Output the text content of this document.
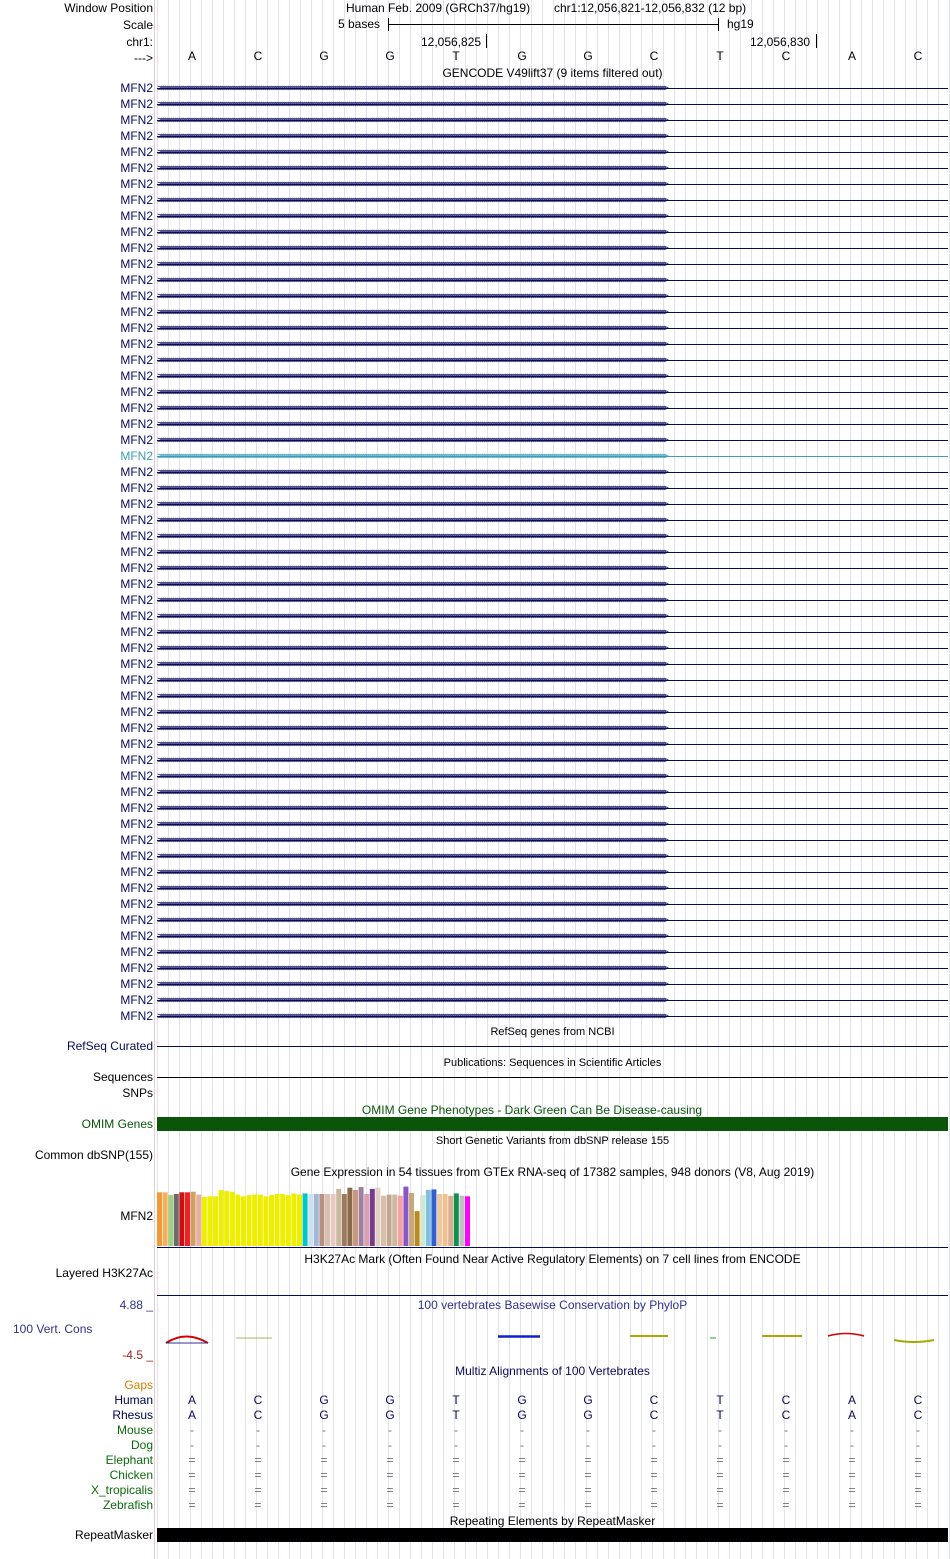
Window Position	Human Feb. 2009 (GRCh37/hg19) chr1:12,056,821-12,056,832 (12 bp)
Scale	5 bases	hg19
chr1:	12,056,825	12,056,830
--->	A	C	G	G	T	G	G	C	T	C	A	C
GENCODE V49lift37 (9 items filtered out)
MFN2 >>>>>>>>>>>>>>>>>>>>>>>>>>>>>>>>>>>>>>>>>>>>>>>>>>>>>>>>>>>>>>>>>>>>>>>>>>>>>>>>>>>>>>>>>>>>>>>>>>>>>>>>>>>>>>>>>>>>>>>>>>>>>>>>>>>>>>>>>>>>>>>>>>>>>>>>>>>>>>>>>>>>>>>>>>>>>>>>>>>>>>>>>>>>>>>>>>>>>>>>>>>>>>>>>>>>>>>>>>>>>>>>>>>>>>>>>>>>>>>>>>>>>>>>>>>>>>>>>>>>
MFN2 >>>>>>>>>>>>>>>>>>>>>>>>>>>>>>>>>>>>>>>>>>>>>>>>>>>>>>>>>>>>>>>>>>>>>>>>>>>>>>>>>>>>>>>>>>>>>>>>>>>>>>>>>>>>>>>>>>>>>>>>>>>>>>>>>>>>>>>>>>>>>>>>>>>>>>>>>>>>>>>>>>>>>>>>>>>>>>>>>>>>>>>>>>>>>>>>>>>>>>>>>>>>>>>>>>>>>>>>>>>>>>>>>>>>>>>>>>>>>>>>>>>>>>>>>>>>>>>>>>>>
MFN2 >>>>>>>>>>>>>>>>>>>>>>>>>>>>>>>>>>>>>>>>>>>>>>>>>>>>>>>>>>>>>>>>>>>>>>>>>>>>>>>>>>>>>>>>>>>>>>>>>>>>>>>>>>>>>>>>>>>>>>>>>>>>>>>>>>>>>>>>>>>>>>>>>>>>>>>>>>>>>>>>>>>>>>>>>>>>>>>>>>>>>>>>>>>>>>>>>>>>>>>>>>>>>>>>>>>>>>>>>>>>>>>>>>>>>>>>>>>>>>>>>>>>>>>>>>>>>>>>>>>>
MFN2 >>>>>>>>>>>>>>>>>>>>>>>>>>>>>>>>>>>>>>>>>>>>>>>>>>>>>>>>>>>>>>>>>>>>>>>>>>>>>>>>>>>>>>>>>>>>>>>>>>>>>>>>>>>>>>>>>>>>>>>>>>>>>>>>>>>>>>>>>>>>>>>>>>>>>>>>>>>>>>>>>>>>>>>>>>>>>>>>>>>>>>>>>>>>>>>>>>>>>>>>>>>>>>>>>>>>>>>>>>>>>>>>>>>>>>>>>>>>>>>>>>>>>>>>>>>>>>>>>>>>
MFN2 >>>>>>>>>>>>>>>>>>>>>>>>>>>>>>>>>>>>>>>>>>>>>>>>>>>>>>>>>>>>>>>>>>>>>>>>>>>>>>>>>>>>>>>>>>>>>>>>>>>>>>>>>>>>>>>>>>>>>>>>>>>>>>>>>>>>>>>>>>>>>>>>>>>>>>>>>>>>>>>>>>>>>>>>>>>>>>>>>>>>>>>>>>>>>>>>>>>>>>>>>>>>>>>>>>>>>>>>>>>>>>>>>>>>>>>>>>>>>>>>>>>>>>>>>>>>>>>>>>>>
MFN2 >>>>>>>>>>>>>>>>>>>>>>>>>>>>>>>>>>>>>>>>>>>>>>>>>>>>>>>>>>>>>>>>>>>>>>>>>>>>>>>>>>>>>>>>>>>>>>>>>>>>>>>>>>>>>>>>>>>>>>>>>>>>>>>>>>>>>>>>>>>>>>>>>>>>>>>>>>>>>>>>>>>>>>>>>>>>>>>>>>>>>>>>>>>>>>>>>>>>>>>>>>>>>>>>>>>>>>>>>>>>>>>>>>>>>>>>>>>>>>>>>>>>>>>>>>>>>>>>>>>>
MFN2 >>>>>>>>>>>>>>>>>>>>>>>>>>>>>>>>>>>>>>>>>>>>>>>>>>>>>>>>>>>>>>>>>>>>>>>>>>>>>>>>>>>>>>>>>>>>>>>>>>>>>>>>>>>>>>>>>>>>>>>>>>>>>>>>>>>>>>>>>>>>>>>>>>>>>>>>>>>>>>>>>>>>>>>>>>>>>>>>>>>>>>>>>>>>>>>>>>>>>>>>>>>>>>>>>>>>>>>>>>>>>>>>>>>>>>>>>>>>>>>>>>>>>>>>>>>>>>>>>>>>
MFN2 >>>>>>>>>>>>>>>>>>>>>>>>>>>>>>>>>>>>>>>>>>>>>>>>>>>>>>>>>>>>>>>>>>>>>>>>>>>>>>>>>>>>>>>>>>>>>>>>>>>>>>>>>>>>>>>>>>>>>>>>>>>>>>>>>>>>>>>>>>>>>>>>>>>>>>>>>>>>>>>>>>>>>>>>>>>>>>>>>>>>>>>>>>>>>>>>>>>>>>>>>>>>>>>>>>>>>>>>>>>>>>>>>>>>>>>>>>>>>>>>>>>>>>>>>>>>>>>>>>>>
MFN2 >>>>>>>>>>>>>>>>>>>>>>>>>>>>>>>>>>>>>>>>>>>>>>>>>>>>>>>>>>>>>>>>>>>>>>>>>>>>>>>>>>>>>>>>>>>>>>>>>>>>>>>>>>>>>>>>>>>>>>>>>>>>>>>>>>>>>>>>>>>>>>>>>>>>>>>>>>>>>>>>>>>>>>>>>>>>>>>>>>>>>>>>>>>>>>>>>>>>>>>>>>>>>>>>>>>>>>>>>>>>>>>>>>>>>>>>>>>>>>>>>>>>>>>>>>>>>>>>>>>>
MFN2 >>>>>>>>>>>>>>>>>>>>>>>>>>>>>>>>>>>>>>>>>>>>>>>>>>>>>>>>>>>>>>>>>>>>>>>>>>>>>>>>>>>>>>>>>>>>>>>>>>>>>>>>>>>>>>>>>>>>>>>>>>>>>>>>>>>>>>>>>>>>>>>>>>>>>>>>>>>>>>>>>>>>>>>>>>>>>>>>>>>>>>>>>>>>>>>>>>>>>>>>>>>>>>>>>>>>>>>>>>>>>>>>>>>>>>>>>>>>>>>>>>>>>>>>>>>>>>>>>>>>
MFN2 >>>>>>>>>>>>>>>>>>>>>>>>>>>>>>>>>>>>>>>>>>>>>>>>>>>>>>>>>>>>>>>>>>>>>>>>>>>>>>>>>>>>>>>>>>>>>>>>>>>>>>>>>>>>>>>>>>>>>>>>>>>>>>>>>>>>>>>>>>>>>>>>>>>>>>>>>>>>>>>>>>>>>>>>>>>>>>>>>>>>>>>>>>>>>>>>>>>>>>>>>>>>>>>>>>>>>>>>>>>>>>>>>>>>>>>>>>>>>>>>>>>>>>>>>>>>>>>>>>>>
MFN2 >>>>>>>>>>>>>>>>>>>>>>>>>>>>>>>>>>>>>>>>>>>>>>>>>>>>>>>>>>>>>>>>>>>>>>>>>>>>>>>>>>>>>>>>>>>>>>>>>>>>>>>>>>>>>>>>>>>>>>>>>>>>>>>>>>>>>>>>>>>>>>>>>>>>>>>>>>>>>>>>>>>>>>>>>>>>>>>>>>>>>>>>>>>>>>>>>>>>>>>>>>>>>>>>>>>>>>>>>>>>>>>>>>>>>>>>>>>>>>>>>>>>>>>>>>>>>>>>>>>>
MFN2 >>>>>>>>>>>>>>>>>>>>>>>>>>>>>>>>>>>>>>>>>>>>>>>>>>>>>>>>>>>>>>>>>>>>>>>>>>>>>>>>>>>>>>>>>>>>>>>>>>>>>>>>>>>>>>>>>>>>>>>>>>>>>>>>>>>>>>>>>>>>>>>>>>>>>>>>>>>>>>>>>>>>>>>>>>>>>>>>>>>>>>>>>>>>>>>>>>>>>>>>>>>>>>>>>>>>>>>>>>>>>>>>>>>>>>>>>>>>>>>>>>>>>>>>>>>>>>>>>>>>
MFN2 >>>>>>>>>>>>>>>>>>>>>>>>>>>>>>>>>>>>>>>>>>>>>>>>>>>>>>>>>>>>>>>>>>>>>>>>>>>>>>>>>>>>>>>>>>>>>>>>>>>>>>>>>>>>>>>>>>>>>>>>>>>>>>>>>>>>>>>>>>>>>>>>>>>>>>>>>>>>>>>>>>>>>>>>>>>>>>>>>>>>>>>>>>>>>>>>>>>>>>>>>>>>>>>>>>>>>>>>>>>>>>>>>>>>>>>>>>>>>>>>>>>>>>>>>>>>>>>>>>>>
MFN2 >>>>>>>>>>>>>>>>>>>>>>>>>>>>>>>>>>>>>>>>>>>>>>>>>>>>>>>>>>>>>>>>>>>>>>>>>>>>>>>>>>>>>>>>>>>>>>>>>>>>>>>>>>>>>>>>>>>>>>>>>>>>>>>>>>>>>>>>>>>>>>>>>>>>>>>>>>>>>>>>>>>>>>>>>>>>>>>>>>>>>>>>>>>>>>>>>>>>>>>>>>>>>>>>>>>>>>>>>>>>>>>>>>>>>>>>>>>>>>>>>>>>>>>>>>>>>>>>>>>>
MFN2 >>>>>>>>>>>>>>>>>>>>>>>>>>>>>>>>>>>>>>>>>>>>>>>>>>>>>>>>>>>>>>>>>>>>>>>>>>>>>>>>>>>>>>>>>>>>>>>>>>>>>>>>>>>>>>>>>>>>>>>>>>>>>>>>>>>>>>>>>>>>>>>>>>>>>>>>>>>>>>>>>>>>>>>>>>>>>>>>>>>>>>>>>>>>>>>>>>>>>>>>>>>>>>>>>>>>>>>>>>>>>>>>>>>>>>>>>>>>>>>>>>>>>>>>>>>>>>>>>>>>
MFN2 >>>>>>>>>>>>>>>>>>>>>>>>>>>>>>>>>>>>>>>>>>>>>>>>>>>>>>>>>>>>>>>>>>>>>>>>>>>>>>>>>>>>>>>>>>>>>>>>>>>>>>>>>>>>>>>>>>>>>>>>>>>>>>>>>>>>>>>>>>>>>>>>>>>>>>>>>>>>>>>>>>>>>>>>>>>>>>>>>>>>>>>>>>>>>>>>>>>>>>>>>>>>>>>>>>>>>>>>>>>>>>>>>>>>>>>>>>>>>>>>>>>>>>>>>>>>>>>>>>>>
MFN2 >>>>>>>>>>>>>>>>>>>>>>>>>>>>>>>>>>>>>>>>>>>>>>>>>>>>>>>>>>>>>>>>>>>>>>>>>>>>>>>>>>>>>>>>>>>>>>>>>>>>>>>>>>>>>>>>>>>>>>>>>>>>>>>>>>>>>>>>>>>>>>>>>>>>>>>>>>>>>>>>>>>>>>>>>>>>>>>>>>>>>>>>>>>>>>>>>>>>>>>>>>>>>>>>>>>>>>>>>>>>>>>>>>>>>>>>>>>>>>>>>>>>>>>>>>>>>>>>>>>>
MFN2 >>>>>>>>>>>>>>>>>>>>>>>>>>>>>>>>>>>>>>>>>>>>>>>>>>>>>>>>>>>>>>>>>>>>>>>>>>>>>>>>>>>>>>>>>>>>>>>>>>>>>>>>>>>>>>>>>>>>>>>>>>>>>>>>>>>>>>>>>>>>>>>>>>>>>>>>>>>>>>>>>>>>>>>>>>>>>>>>>>>>>>>>>>>>>>>>>>>>>>>>>>>>>>>>>>>>>>>>>>>>>>>>>>>>>>>>>>>>>>>>>>>>>>>>>>>>>>>>>>>>
MFN2 >>>>>>>>>>>>>>>>>>>>>>>>>>>>>>>>>>>>>>>>>>>>>>>>>>>>>>>>>>>>>>>>>>>>>>>>>>>>>>>>>>>>>>>>>>>>>>>>>>>>>>>>>>>>>>>>>>>>>>>>>>>>>>>>>>>>>>>>>>>>>>>>>>>>>>>>>>>>>>>>>>>>>>>>>>>>>>>>>>>>>>>>>>>>>>>>>>>>>>>>>>>>>>>>>>>>>>>>>>>>>>>>>>>>>>>>>>>>>>>>>>>>>>>>>>>>>>>>>>>>
MFN2 >>>>>>>>>>>>>>>>>>>>>>>>>>>>>>>>>>>>>>>>>>>>>>>>>>>>>>>>>>>>>>>>>>>>>>>>>>>>>>>>>>>>>>>>>>>>>>>>>>>>>>>>>>>>>>>>>>>>>>>>>>>>>>>>>>>>>>>>>>>>>>>>>>>>>>>>>>>>>>>>>>>>>>>>>>>>>>>>>>>>>>>>>>>>>>>>>>>>>>>>>>>>>>>>>>>>>>>>>>>>>>>>>>>>>>>>>>>>>>>>>>>>>>>>>>>>>>>>>>>>
MFN2 >>>>>>>>>>>>>>>>>>>>>>>>>>>>>>>>>>>>>>>>>>>>>>>>>>>>>>>>>>>>>>>>>>>>>>>>>>>>>>>>>>>>>>>>>>>>>>>>>>>>>>>>>>>>>>>>>>>>>>>>>>>>>>>>>>>>>>>>>>>>>>>>>>>>>>>>>>>>>>>>>>>>>>>>>>>>>>>>>>>>>>>>>>>>>>>>>>>>>>>>>>>>>>>>>>>>>>>>>>>>>>>>>>>>>>>>>>>>>>>>>>>>>>>>>>>>>>>>>>>>
MFN2 >>>>>>>>>>>>>>>>>>>>>>>>>>>>>>>>>>>>>>>>>>>>>>>>>>>>>>>>>>>>>>>>>>>>>>>>>>>>>>>>>>>>>>>>>>>>>>>>>>>>>>>>>>>>>>>>>>>>>>>>>>>>>>>>>>>>>>>>>>>>>>>>>>>>>>>>>>>>>>>>>>>>>>>>>>>>>>>>>>>>>>>>>>>>>>>>>>>>>>>>>>>>>>>>>>>>>>>>>>>>>>>>>>>>>>>>>>>>>>>>>>>>>>>>>>>>>>>>>>>>
MFN2 >>>>>>>>>>>>>>>>>>>>>>>>>>>>>>>>>>>>>>>>>>>>>>>>>>>>>>>>>>>>>>>>>>>>>>>>>>>>>>>>>>>>>>>>>>>>>>>>>>>>>>>>>>>>>>>>>>>>>>>>>>>>>>>>>>>>>>>>>>>>>>>>>>>>>>>>>>>>>>>>>>>>>>>>>>>>>>>>>>>>>>>>>>>>>>>>>>>>>>>>>>>>>>>>>>>>>>>>>>>>>>>>>>>>>>>>>>>>>>>>>>>>>>>>>>>>>>>>>>>>
MFN2 >>>>>>>>>>>>>>>>>>>>>>>>>>>>>>>>>>>>>>>>>>>>>>>>>>>>>>>>>>>>>>>>>>>>>>>>>>>>>>>>>>>>>>>>>>>>>>>>>>>>>>>>>>>>>>>>>>>>>>>>>>>>>>>>>>>>>>>>>>>>>>>>>>>>>>>>>>>>>>>>>>>>>>>>>>>>>>>>>>>>>>>>>>>>>>>>>>>>>>>>>>>>>>>>>>>>>>>>>>>>>>>>>>>>>>>>>>>>>>>>>>>>>>>>>>>>>>>>>>>>
MFN2 >>>>>>>>>>>>>>>>>>>>>>>>>>>>>>>>>>>>>>>>>>>>>>>>>>>>>>>>>>>>>>>>>>>>>>>>>>>>>>>>>>>>>>>>>>>>>>>>>>>>>>>>>>>>>>>>>>>>>>>>>>>>>>>>>>>>>>>>>>>>>>>>>>>>>>>>>>>>>>>>>>>>>>>>>>>>>>>>>>>>>>>>>>>>>>>>>>>>>>>>>>>>>>>>>>>>>>>>>>>>>>>>>>>>>>>>>>>>>>>>>>>>>>>>>>>>>>>>>>>>
MFN2 >>>>>>>>>>>>>>>>>>>>>>>>>>>>>>>>>>>>>>>>>>>>>>>>>>>>>>>>>>>>>>>>>>>>>>>>>>>>>>>>>>>>>>>>>>>>>>>>>>>>>>>>>>>>>>>>>>>>>>>>>>>>>>>>>>>>>>>>>>>>>>>>>>>>>>>>>>>>>>>>>>>>>>>>>>>>>>>>>>>>>>>>>>>>>>>>>>>>>>>>>>>>>>>>>>>>>>>>>>>>>>>>>>>>>>>>>>>>>>>>>>>>>>>>>>>>>>>>>>>>
MFN2 >>>>>>>>>>>>>>>>>>>>>>>>>>>>>>>>>>>>>>>>>>>>>>>>>>>>>>>>>>>>>>>>>>>>>>>>>>>>>>>>>>>>>>>>>>>>>>>>>>>>>>>>>>>>>>>>>>>>>>>>>>>>>>>>>>>>>>>>>>>>>>>>>>>>>>>>>>>>>>>>>>>>>>>>>>>>>>>>>>>>>>>>>>>>>>>>>>>>>>>>>>>>>>>>>>>>>>>>>>>>>>>>>>>>>>>>>>>>>>>>>>>>>>>>>>>>>>>>>>>>
MFN2 >>>>>>>>>>>>>>>>>>>>>>>>>>>>>>>>>>>>>>>>>>>>>>>>>>>>>>>>>>>>>>>>>>>>>>>>>>>>>>>>>>>>>>>>>>>>>>>>>>>>>>>>>>>>>>>>>>>>>>>>>>>>>>>>>>>>>>>>>>>>>>>>>>>>>>>>>>>>>>>>>>>>>>>>>>>>>>>>>>>>>>>>>>>>>>>>>>>>>>>>>>>>>>>>>>>>>>>>>>>>>>>>>>>>>>>>>>>>>>>>>>>>>>>>>>>>>>>>>>>>
MFN2 >>>>>>>>>>>>>>>>>>>>>>>>>>>>>>>>>>>>>>>>>>>>>>>>>>>>>>>>>>>>>>>>>>>>>>>>>>>>>>>>>>>>>>>>>>>>>>>>>>>>>>>>>>>>>>>>>>>>>>>>>>>>>>>>>>>>>>>>>>>>>>>>>>>>>>>>>>>>>>>>>>>>>>>>>>>>>>>>>>>>>>>>>>>>>>>>>>>>>>>>>>>>>>>>>>>>>>>>>>>>>>>>>>>>>>>>>>>>>>>>>>>>>>>>>>>>>>>>>>>>
MFN2 >>>>>>>>>>>>>>>>>>>>>>>>>>>>>>>>>>>>>>>>>>>>>>>>>>>>>>>>>>>>>>>>>>>>>>>>>>>>>>>>>>>>>>>>>>>>>>>>>>>>>>>>>>>>>>>>>>>>>>>>>>>>>>>>>>>>>>>>>>>>>>>>>>>>>>>>>>>>>>>>>>>>>>>>>>>>>>>>>>>>>>>>>>>>>>>>>>>>>>>>>>>>>>>>>>>>>>>>>>>>>>>>>>>>>>>>>>>>>>>>>>>>>>>>>>>>>>>>>>>>
MFN2 >>>>>>>>>>>>>>>>>>>>>>>>>>>>>>>>>>>>>>>>>>>>>>>>>>>>>>>>>>>>>>>>>>>>>>>>>>>>>>>>>>>>>>>>>>>>>>>>>>>>>>>>>>>>>>>>>>>>>>>>>>>>>>>>>>>>>>>>>>>>>>>>>>>>>>>>>>>>>>>>>>>>>>>>>>>>>>>>>>>>>>>>>>>>>>>>>>>>>>>>>>>>>>>>>>>>>>>>>>>>>>>>>>>>>>>>>>>>>>>>>>>>>>>>>>>>>>>>>>>>
MFN2 >>>>>>>>>>>>>>>>>>>>>>>>>>>>>>>>>>>>>>>>>>>>>>>>>>>>>>>>>>>>>>>>>>>>>>>>>>>>>>>>>>>>>>>>>>>>>>>>>>>>>>>>>>>>>>>>>>>>>>>>>>>>>>>>>>>>>>>>>>>>>>>>>>>>>>>>>>>>>>>>>>>>>>>>>>>>>>>>>>>>>>>>>>>>>>>>>>>>>>>>>>>>>>>>>>>>>>>>>>>>>>>>>>>>>>>>>>>>>>>>>>>>>>>>>>>>>>>>>>>>
MFN2 >>>>>>>>>>>>>>>>>>>>>>>>>>>>>>>>>>>>>>>>>>>>>>>>>>>>>>>>>>>>>>>>>>>>>>>>>>>>>>>>>>>>>>>>>>>>>>>>>>>>>>>>>>>>>>>>>>>>>>>>>>>>>>>>>>>>>>>>>>>>>>>>>>>>>>>>>>>>>>>>>>>>>>>>>>>>>>>>>>>>>>>>>>>>>>>>>>>>>>>>>>>>>>>>>>>>>>>>>>>>>>>>>>>>>>>>>>>>>>>>>>>>>>>>>>>>>>>>>>>>
MFN2 >>>>>>>>>>>>>>>>>>>>>>>>>>>>>>>>>>>>>>>>>>>>>>>>>>>>>>>>>>>>>>>>>>>>>>>>>>>>>>>>>>>>>>>>>>>>>>>>>>>>>>>>>>>>>>>>>>>>>>>>>>>>>>>>>>>>>>>>>>>>>>>>>>>>>>>>>>>>>>>>>>>>>>>>>>>>>>>>>>>>>>>>>>>>>>>>>>>>>>>>>>>>>>>>>>>>>>>>>>>>>>>>>>>>>>>>>>>>>>>>>>>>>>>>>>>>>>>>>>>>
MFN2 >>>>>>>>>>>>>>>>>>>>>>>>>>>>>>>>>>>>>>>>>>>>>>>>>>>>>>>>>>>>>>>>>>>>>>>>>>>>>>>>>>>>>>>>>>>>>>>>>>>>>>>>>>>>>>>>>>>>>>>>>>>>>>>>>>>>>>>>>>>>>>>>>>>>>>>>>>>>>>>>>>>>>>>>>>>>>>>>>>>>>>>>>>>>>>>>>>>>>>>>>>>>>>>>>>>>>>>>>>>>>>>>>>>>>>>>>>>>>>>>>>>>>>>>>>>>>>>>>>>>
MFN2 >>>>>>>>>>>>>>>>>>>>>>>>>>>>>>>>>>>>>>>>>>>>>>>>>>>>>>>>>>>>>>>>>>>>>>>>>>>>>>>>>>>>>>>>>>>>>>>>>>>>>>>>>>>>>>>>>>>>>>>>>>>>>>>>>>>>>>>>>>>>>>>>>>>>>>>>>>>>>>>>>>>>>>>>>>>>>>>>>>>>>>>>>>>>>>>>>>>>>>>>>>>>>>>>>>>>>>>>>>>>>>>>>>>>>>>>>>>>>>>>>>>>>>>>>>>>>>>>>>>>
MFN2 >>>>>>>>>>>>>>>>>>>>>>>>>>>>>>>>>>>>>>>>>>>>>>>>>>>>>>>>>>>>>>>>>>>>>>>>>>>>>>>>>>>>>>>>>>>>>>>>>>>>>>>>>>>>>>>>>>>>>>>>>>>>>>>>>>>>>>>>>>>>>>>>>>>>>>>>>>>>>>>>>>>>>>>>>>>>>>>>>>>>>>>>>>>>>>>>>>>>>>>>>>>>>>>>>>>>>>>>>>>>>>>>>>>>>>>>>>>>>>>>>>>>>>>>>>>>>>>>>>>>
MFN2 >>>>>>>>>>>>>>>>>>>>>>>>>>>>>>>>>>>>>>>>>>>>>>>>>>>>>>>>>>>>>>>>>>>>>>>>>>>>>>>>>>>>>>>>>>>>>>>>>>>>>>>>>>>>>>>>>>>>>>>>>>>>>>>>>>>>>>>>>>>>>>>>>>>>>>>>>>>>>>>>>>>>>>>>>>>>>>>>>>>>>>>>>>>>>>>>>>>>>>>>>>>>>>>>>>>>>>>>>>>>>>>>>>>>>>>>>>>>>>>>>>>>>>>>>>>>>>>>>>>>
MFN2 >>>>>>>>>>>>>>>>>>>>>>>>>>>>>>>>>>>>>>>>>>>>>>>>>>>>>>>>>>>>>>>>>>>>>>>>>>>>>>>>>>>>>>>>>>>>>>>>>>>>>>>>>>>>>>>>>>>>>>>>>>>>>>>>>>>>>>>>>>>>>>>>>>>>>>>>>>>>>>>>>>>>>>>>>>>>>>>>>>>>>>>>>>>>>>>>>>>>>>>>>>>>>>>>>>>>>>>>>>>>>>>>>>>>>>>>>>>>>>>>>>>>>>>>>>>>>>>>>>>>
MFN2 >>>>>>>>>>>>>>>>>>>>>>>>>>>>>>>>>>>>>>>>>>>>>>>>>>>>>>>>>>>>>>>>>>>>>>>>>>>>>>>>>>>>>>>>>>>>>>>>>>>>>>>>>>>>>>>>>>>>>>>>>>>>>>>>>>>>>>>>>>>>>>>>>>>>>>>>>>>>>>>>>>>>>>>>>>>>>>>>>>>>>>>>>>>>>>>>>>>>>>>>>>>>>>>>>>>>>>>>>>>>>>>>>>>>>>>>>>>>>>>>>>>>>>>>>>>>>>>>>>>>
MFN2 >>>>>>>>>>>>>>>>>>>>>>>>>>>>>>>>>>>>>>>>>>>>>>>>>>>>>>>>>>>>>>>>>>>>>>>>>>>>>>>>>>>>>>>>>>>>>>>>>>>>>>>>>>>>>>>>>>>>>>>>>>>>>>>>>>>>>>>>>>>>>>>>>>>>>>>>>>>>>>>>>>>>>>>>>>>>>>>>>>>>>>>>>>>>>>>>>>>>>>>>>>>>>>>>>>>>>>>>>>>>>>>>>>>>>>>>>>>>>>>>>>>>>>>>>>>>>>>>>>>>
MFN2 >>>>>>>>>>>>>>>>>>>>>>>>>>>>>>>>>>>>>>>>>>>>>>>>>>>>>>>>>>>>>>>>>>>>>>>>>>>>>>>>>>>>>>>>>>>>>>>>>>>>>>>>>>>>>>>>>>>>>>>>>>>>>>>>>>>>>>>>>>>>>>>>>>>>>>>>>>>>>>>>>>>>>>>>>>>>>>>>>>>>>>>>>>>>>>>>>>>>>>>>>>>>>>>>>>>>>>>>>>>>>>>>>>>>>>>>>>>>>>>>>>>>>>>>>>>>>>>>>>>>
MFN2 >>>>>>>>>>>>>>>>>>>>>>>>>>>>>>>>>>>>>>>>>>>>>>>>>>>>>>>>>>>>>>>>>>>>>>>>>>>>>>>>>>>>>>>>>>>>>>>>>>>>>>>>>>>>>>>>>>>>>>>>>>>>>>>>>>>>>>>>>>>>>>>>>>>>>>>>>>>>>>>>>>>>>>>>>>>>>>>>>>>>>>>>>>>>>>>>>>>>>>>>>>>>>>>>>>>>>>>>>>>>>>>>>>>>>>>>>>>>>>>>>>>>>>>>>>>>>>>>>>>>
MFN2 >>>>>>>>>>>>>>>>>>>>>>>>>>>>>>>>>>>>>>>>>>>>>>>>>>>>>>>>>>>>>>>>>>>>>>>>>>>>>>>>>>>>>>>>>>>>>>>>>>>>>>>>>>>>>>>>>>>>>>>>>>>>>>>>>>>>>>>>>>>>>>>>>>>>>>>>>>>>>>>>>>>>>>>>>>>>>>>>>>>>>>>>>>>>>>>>>>>>>>>>>>>>>>>>>>>>>>>>>>>>>>>>>>>>>>>>>>>>>>>>>>>>>>>>>>>>>>>>>>>>
MFN2 >>>>>>>>>>>>>>>>>>>>>>>>>>>>>>>>>>>>>>>>>>>>>>>>>>>>>>>>>>>>>>>>>>>>>>>>>>>>>>>>>>>>>>>>>>>>>>>>>>>>>>>>>>>>>>>>>>>>>>>>>>>>>>>>>>>>>>>>>>>>>>>>>>>>>>>>>>>>>>>>>>>>>>>>>>>>>>>>>>>>>>>>>>>>>>>>>>>>>>>>>>>>>>>>>>>>>>>>>>>>>>>>>>>>>>>>>>>>>>>>>>>>>>>>>>>>>>>>>>>>
MFN2 >>>>>>>>>>>>>>>>>>>>>>>>>>>>>>>>>>>>>>>>>>>>>>>>>>>>>>>>>>>>>>>>>>>>>>>>>>>>>>>>>>>>>>>>>>>>>>>>>>>>>>>>>>>>>>>>>>>>>>>>>>>>>>>>>>>>>>>>>>>>>>>>>>>>>>>>>>>>>>>>>>>>>>>>>>>>>>>>>>>>>>>>>>>>>>>>>>>>>>>>>>>>>>>>>>>>>>>>>>>>>>>>>>>>>>>>>>>>>>>>>>>>>>>>>>>>>>>>>>>>
MFN2 >>>>>>>>>>>>>>>>>>>>>>>>>>>>>>>>>>>>>>>>>>>>>>>>>>>>>>>>>>>>>>>>>>>>>>>>>>>>>>>>>>>>>>>>>>>>>>>>>>>>>>>>>>>>>>>>>>>>>>>>>>>>>>>>>>>>>>>>>>>>>>>>>>>>>>>>>>>>>>>>>>>>>>>>>>>>>>>>>>>>>>>>>>>>>>>>>>>>>>>>>>>>>>>>>>>>>>>>>>>>>>>>>>>>>>>>>>>>>>>>>>>>>>>>>>>>>>>>>>>>
MFN2 >>>>>>>>>>>>>>>>>>>>>>>>>>>>>>>>>>>>>>>>>>>>>>>>>>>>>>>>>>>>>>>>>>>>>>>>>>>>>>>>>>>>>>>>>>>>>>>>>>>>>>>>>>>>>>>>>>>>>>>>>>>>>>>>>>>>>>>>>>>>>>>>>>>>>>>>>>>>>>>>>>>>>>>>>>>>>>>>>>>>>>>>>>>>>>>>>>>>>>>>>>>>>>>>>>>>>>>>>>>>>>>>>>>>>>>>>>>>>>>>>>>>>>>>>>>>>>>>>>>>
MFN2 >>>>>>>>>>>>>>>>>>>>>>>>>>>>>>>>>>>>>>>>>>>>>>>>>>>>>>>>>>>>>>>>>>>>>>>>>>>>>>>>>>>>>>>>>>>>>>>>>>>>>>>>>>>>>>>>>>>>>>>>>>>>>>>>>>>>>>>>>>>>>>>>>>>>>>>>>>>>>>>>>>>>>>>>>>>>>>>>>>>>>>>>>>>>>>>>>>>>>>>>>>>>>>>>>>>>>>>>>>>>>>>>>>>>>>>>>>>>>>>>>>>>>>>>>>>>>>>>>>>>
MFN2 >>>>>>>>>>>>>>>>>>>>>>>>>>>>>>>>>>>>>>>>>>>>>>>>>>>>>>>>>>>>>>>>>>>>>>>>>>>>>>>>>>>>>>>>>>>>>>>>>>>>>>>>>>>>>>>>>>>>>>>>>>>>>>>>>>>>>>>>>>>>>>>>>>>>>>>>>>>>>>>>>>>>>>>>>>>>>>>>>>>>>>>>>>>>>>>>>>>>>>>>>>>>>>>>>>>>>>>>>>>>>>>>>>>>>>>>>>>>>>>>>>>>>>>>>>>>>>>>>>>>
MFN2 >>>>>>>>>>>>>>>>>>>>>>>>>>>>>>>>>>>>>>>>>>>>>>>>>>>>>>>>>>>>>>>>>>>>>>>>>>>>>>>>>>>>>>>>>>>>>>>>>>>>>>>>>>>>>>>>>>>>>>>>>>>>>>>>>>>>>>>>>>>>>>>>>>>>>>>>>>>>>>>>>>>>>>>>>>>>>>>>>>>>>>>>>>>>>>>>>>>>>>>>>>>>>>>>>>>>>>>>>>>>>>>>>>>>>>>>>>>>>>>>>>>>>>>>>>>>>>>>>>>>
MFN2 >>>>>>>>>>>>>>>>>>>>>>>>>>>>>>>>>>>>>>>>>>>>>>>>>>>>>>>>>>>>>>>>>>>>>>>>>>>>>>>>>>>>>>>>>>>>>>>>>>>>>>>>>>>>>>>>>>>>>>>>>>>>>>>>>>>>>>>>>>>>>>>>>>>>>>>>>>>>>>>>>>>>>>>>>>>>>>>>>>>>>>>>>>>>>>>>>>>>>>>>>>>>>>>>>>>>>>>>>>>>>>>>>>>>>>>>>>>>>>>>>>>>>>>>>>>>>>>>>>>>
MFN2 >>>>>>>>>>>>>>>>>>>>>>>>>>>>>>>>>>>>>>>>>>>>>>>>>>>>>>>>>>>>>>>>>>>>>>>>>>>>>>>>>>>>>>>>>>>>>>>>>>>>>>>>>>>>>>>>>>>>>>>>>>>>>>>>>>>>>>>>>>>>>>>>>>>>>>>>>>>>>>>>>>>>>>>>>>>>>>>>>>>>>>>>>>>>>>>>>>>>>>>>>>>>>>>>>>>>>>>>>>>>>>>>>>>>>>>>>>>>>>>>>>>>>>>>>>>>>>>>>>>>
MFN2 >>>>>>>>>>>>>>>>>>>>>>>>>>>>>>>>>>>>>>>>>>>>>>>>>>>>>>>>>>>>>>>>>>>>>>>>>>>>>>>>>>>>>>>>>>>>>>>>>>>>>>>>>>>>>>>>>>>>>>>>>>>>>>>>>>>>>>>>>>>>>>>>>>>>>>>>>>>>>>>>>>>>>>>>>>>>>>>>>>>>>>>>>>>>>>>>>>>>>>>>>>>>>>>>>>>>>>>>>>>>>>>>>>>>>>>>>>>>>>>>>>>>>>>>>>>>>>>>>>>>
MFN2 >>>>>>>>>>>>>>>>>>>>>>>>>>>>>>>>>>>>>>>>>>>>>>>>>>>>>>>>>>>>>>>>>>>>>>>>>>>>>>>>>>>>>>>>>>>>>>>>>>>>>>>>>>>>>>>>>>>>>>>>>>>>>>>>>>>>>>>>>>>>>>>>>>>>>>>>>>>>>>>>>>>>>>>>>>>>>>>>>>>>>>>>>>>>>>>>>>>>>>>>>>>>>>>>>>>>>>>>>>>>>>>>>>>>>>>>>>>>>>>>>>>>>>>>>>>>>>>>>>>>
MFN2 >>>>>>>>>>>>>>>>>>>>>>>>>>>>>>>>>>>>>>>>>>>>>>>>>>>>>>>>>>>>>>>>>>>>>>>>>>>>>>>>>>>>>>>>>>>>>>>>>>>>>>>>>>>>>>>>>>>>>>>>>>>>>>>>>>>>>>>>>>>>>>>>>>>>>>>>>>>>>>>>>>>>>>>>>>>>>>>>>>>>>>>>>>>>>>>>>>>>>>>>>>>>>>>>>>>>>>>>>>>>>>>>>>>>>>>>>>>>>>>>>>>>>>>>>>>>>>>>>>>>
MFN2 >>>>>>>>>>>>>>>>>>>>>>>>>>>>>>>>>>>>>>>>>>>>>>>>>>>>>>>>>>>>>>>>>>>>>>>>>>>>>>>>>>>>>>>>>>>>>>>>>>>>>>>>>>>>>>>>>>>>>>>>>>>>>>>>>>>>>>>>>>>>>>>>>>>>>>>>>>>>>>>>>>>>>>>>>>>>>>>>>>>>>>>>>>>>>>>>>>>>>>>>>>>>>>>>>>>>>>>>>>>>>>>>>>>>>>>>>>>>>>>>>>>>>>>>>>>>>>>>>>>>
MFN2 >>>>>>>>>>>>>>>>>>>>>>>>>>>>>>>>>>>>>>>>>>>>>>>>>>>>>>>>>>>>>>>>>>>>>>>>>>>>>>>>>>>>>>>>>>>>>>>>>>>>>>>>>>>>>>>>>>>>>>>>>>>>>>>>>>>>>>>>>>>>>>>>>>>>>>>>>>>>>>>>>>>>>>>>>>>>>>>>>>>>>>>>>>>>>>>>>>>>>>>>>>>>>>>>>>>>>>>>>>>>>>>>>>>>>>>>>>>>>>>>>>>>>>>>>>>>>>>>>>>>
RefSeq genes from NCBI
RefSeq Curated
Publications: Sequences in Scientific Articles
Sequences
SNPs
OMIM Gene Phenotypes - Dark Green Can Be Disease-causing
OMIM Genes
Short Genetic Variants from dbSNP release 155
Common dbSNP(155)
Gene Expression in 54 tissues from GTEx RNA-seq of 17382 samples, 948 donors (V8, Aug 2019)
MFN2
H3K27Ac Mark (Often Found Near Active Regulatory Elements) on 7 cell lines from ENCODE
Layered H3K27Ac
100 vertebrates Basewise Conservation by PhyloP
4.88 _
100 Vert. Cons
-4.5 _
Multiz Alignments of 100 Vertebrates
Gaps
Human	A	C	G	G	T	G	G	C	T	C	A	C
Rhesus	A	C	G	G	T	G	G	C	T	C	A	C
Mouse	-	-	-	-	-	-	-	-	-	-	-	-
Dog	-	-	-	-	-	-	-	-	-	-	-	-
Elephant	=	=	=	=	=	=	=	=	=	=	=	=
Chicken	=	=	=	=	=	=	=	=	=	=	=	=
X_tropicalis	=	=	=	=	=	=	=	=	=	=	=	=
Zebrafish	=	=	=	=	=	=	=	=	=	=	=	=
Repeating Elements by RepeatMasker
RepeatMasker
